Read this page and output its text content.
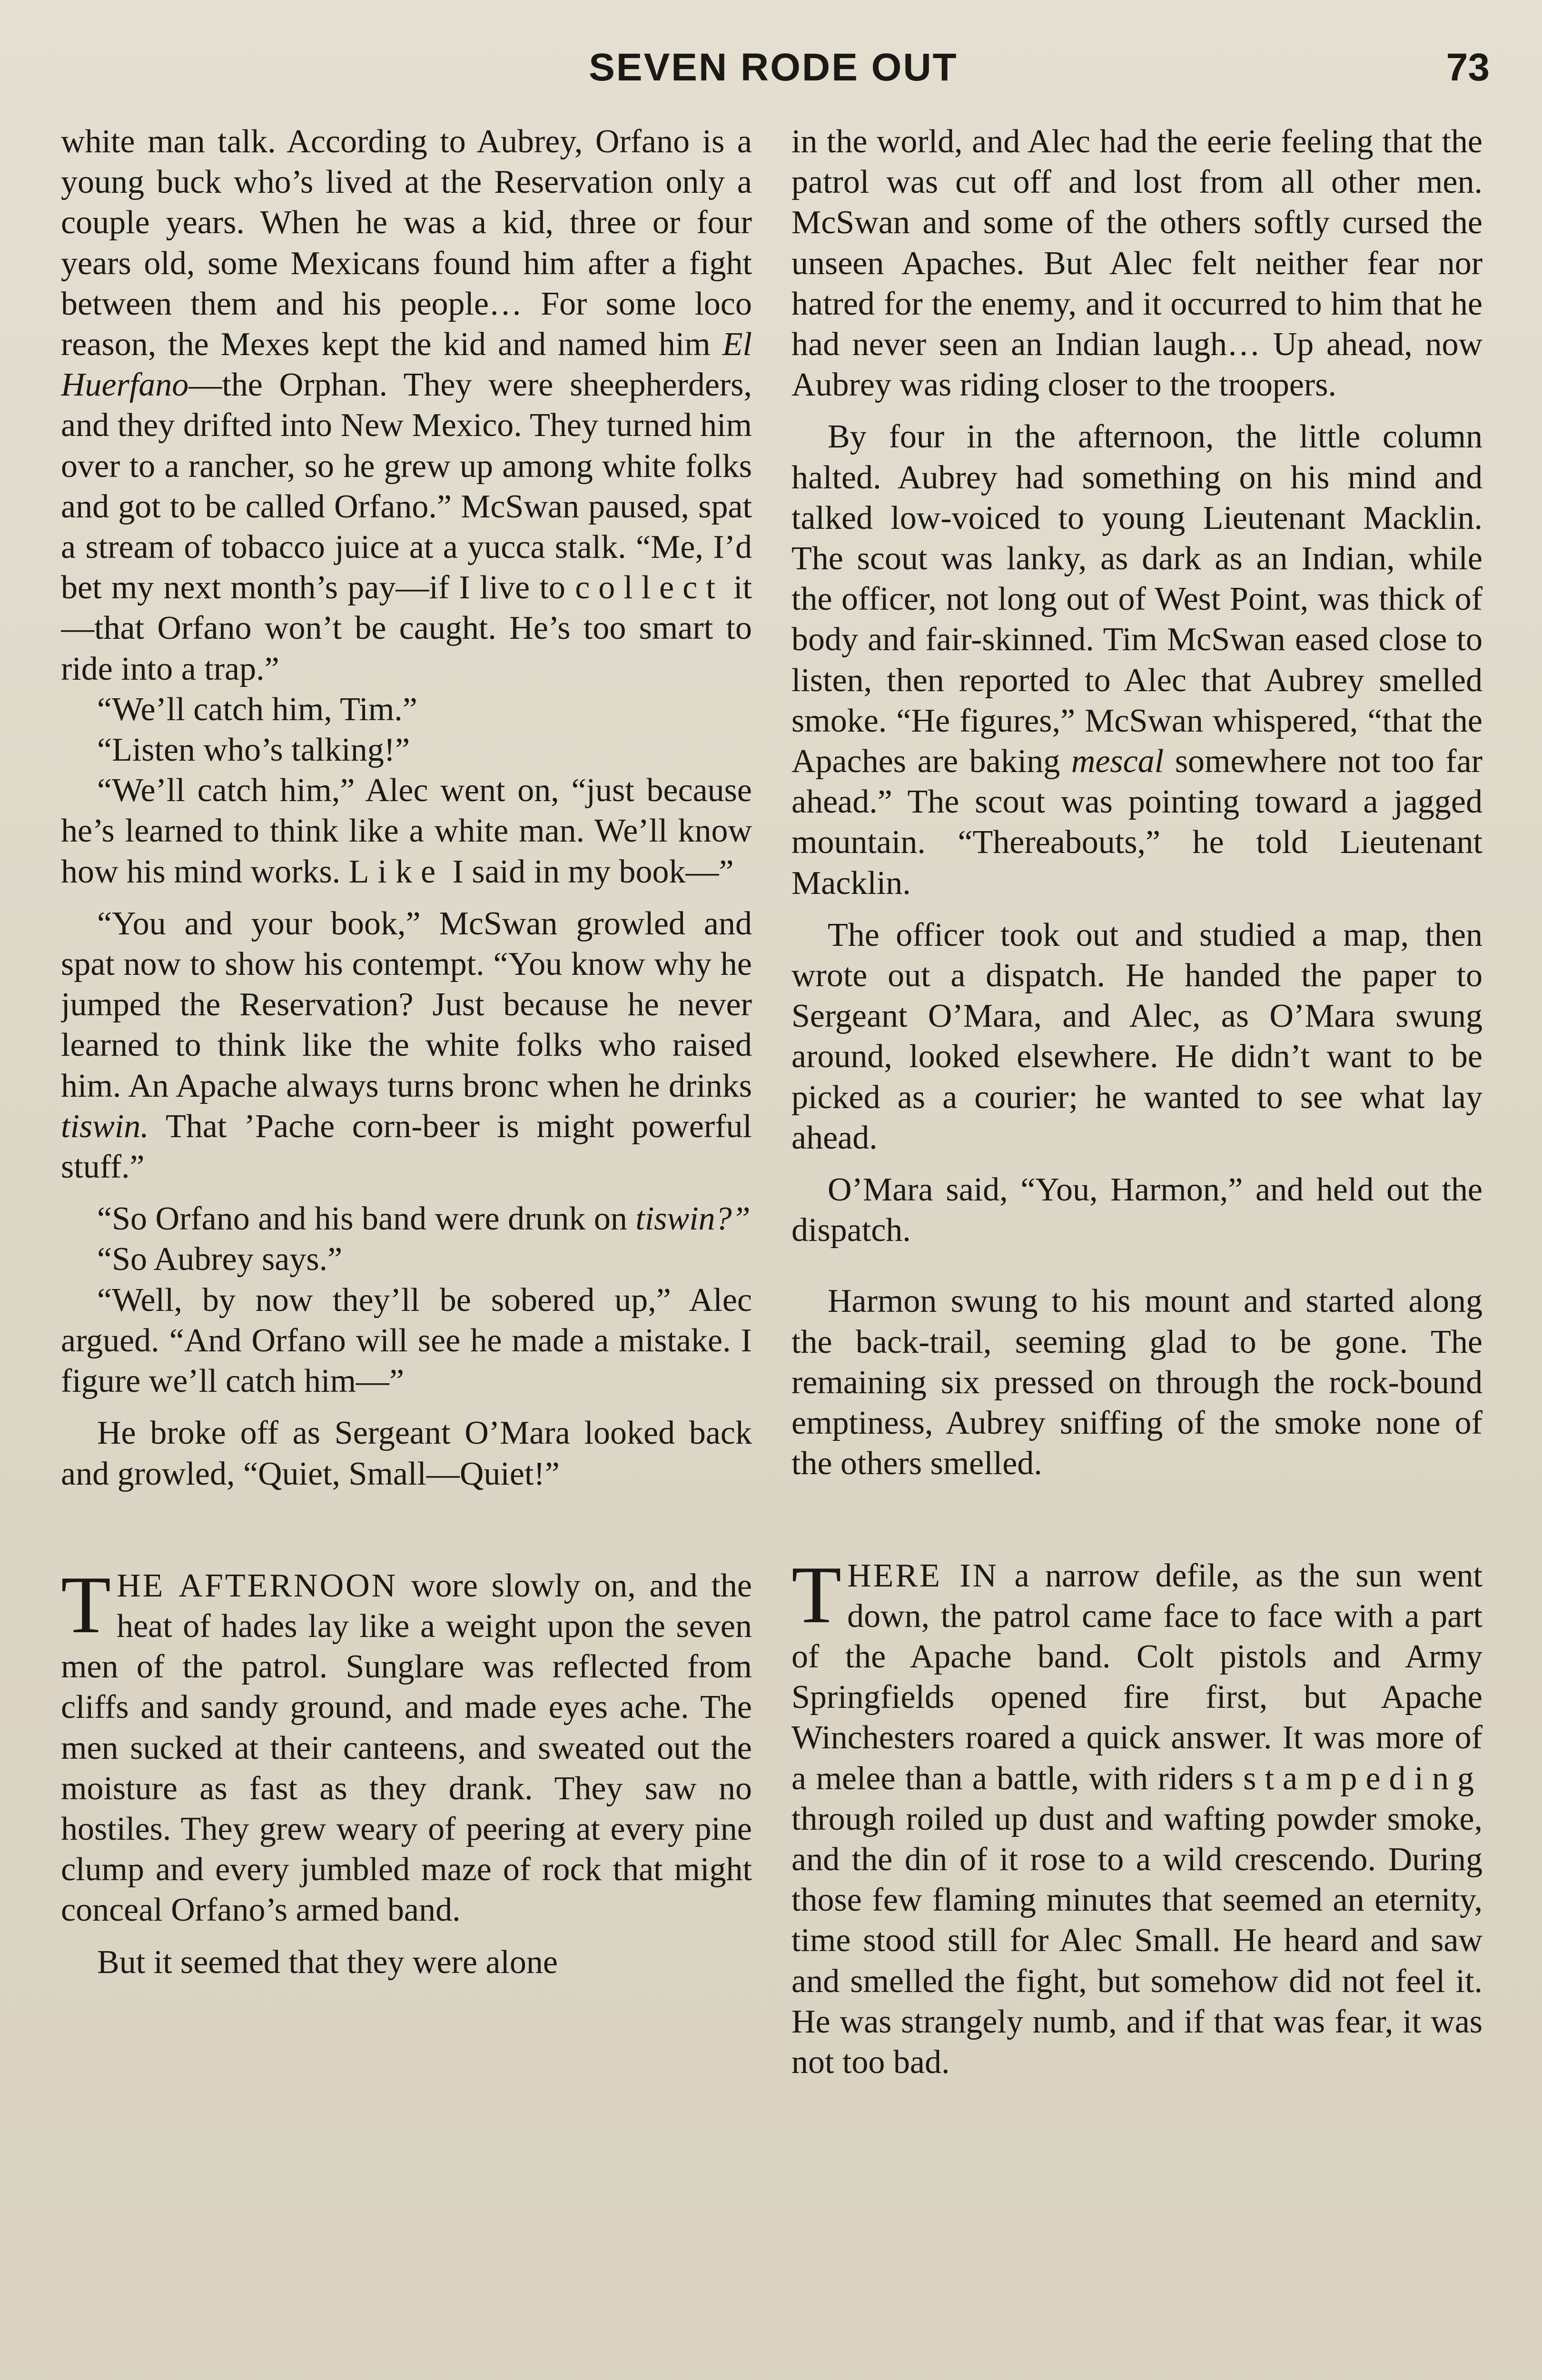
SEVEN RODE OUT	73

white man talk. According to Aubrey, Orfano is a young buck who’s lived at the Reservation only a couple years. When he was a kid, three or four years old, some Mexicans found him after a fight between them and his people… For some loco reason, the Mexes kept the kid and named him El Huerfano—the Orphan. They were sheepherders, and they drifted into New Mexico. They turned him over to a rancher, so he grew up among white folks and got to be called Orfano.” McSwan paused, spat a stream of tobacco juice at a yucca stalk. “Me, I’d bet my next month’s pay—if I live to collect it—that Orfano won’t be caught. He’s too smart to ride into a trap.”

“We’ll catch him, Tim.”

“Listen who’s talking!”

“We’ll catch him,” Alec went on, “just because he’s learned to think like a white man. We’ll know how his mind works. Like I said in my book—”

“You and your book,” McSwan growled and spat now to show his contempt. “You know why he jumped the Reservation? Just because he never learned to think like the white folks who raised him. An Apache always turns bronc when he drinks tiswin. That ’Pache corn-beer is might powerful stuff.”

“So Orfano and his band were drunk on tiswin?”

“So Aubrey says.”

“Well, by now they’ll be sobered up,” Alec argued. “And Orfano will see he made a mistake. I figure we’ll catch him—”

He broke off as Sergeant O’Mara looked back and growled, “Quiet, Small—Quiet!”

THE AFTERNOON wore slowly on, and the heat of hades lay like a weight upon the seven men of the patrol. Sunglare was reflected from cliffs and sandy ground, and made eyes ache. The men sucked at their canteens, and sweated out the moisture as fast as they drank. They saw no hostiles. They grew weary of peering at every pine clump and every jumbled maze of rock that might conceal Orfano’s armed band.

But it seemed that they were alone

in the world, and Alec had the eerie feeling that the patrol was cut off and lost from all other men. McSwan and some of the others softly cursed the unseen Apaches. But Alec felt neither fear nor hatred for the enemy, and it occurred to him that he had never seen an Indian laugh… Up ahead, now Aubrey was riding closer to the troopers.

By four in the afternoon, the little column halted. Aubrey had something on his mind and talked low-voiced to young Lieutenant Macklin. The scout was lanky, as dark as an Indian, while the officer, not long out of West Point, was thick of body and fair-skinned. Tim McSwan eased close to listen, then reported to Alec that Aubrey smelled smoke. “He figures,” McSwan whispered, “that the Apaches are baking mescal somewhere not too far ahead.” The scout was pointing toward a jagged mountain. “Thereabouts,” he told Lieutenant Macklin.

The officer took out and studied a map, then wrote out a dispatch. He handed the paper to Sergeant O’Mara, and Alec, as O’Mara swung around, looked elsewhere. He didn’t want to be picked as a courier; he wanted to see what lay ahead.

O’Mara said, “You, Harmon,” and held out the dispatch.

Harmon swung to his mount and started along the back-trail, seeming glad to be gone. The remaining six pressed on through the rock-bound emptiness, Aubrey sniffing of the smoke none of the others smelled.

THERE IN a narrow defile, as the sun went down, the patrol came face to face with a part of the Apache band. Colt pistols and Army Springfields opened fire first, but Apache Winchesters roared a quick answer. It was more of a melee than a battle, with riders stampeding through roiled up dust and wafting powder smoke, and the din of it rose to a wild crescendo. During those few flaming minutes that seemed an eternity, time stood still for Alec Small. He heard and saw and smelled the fight, but somehow did not feel it. He was strangely numb, and if that was fear, it was not too bad.
